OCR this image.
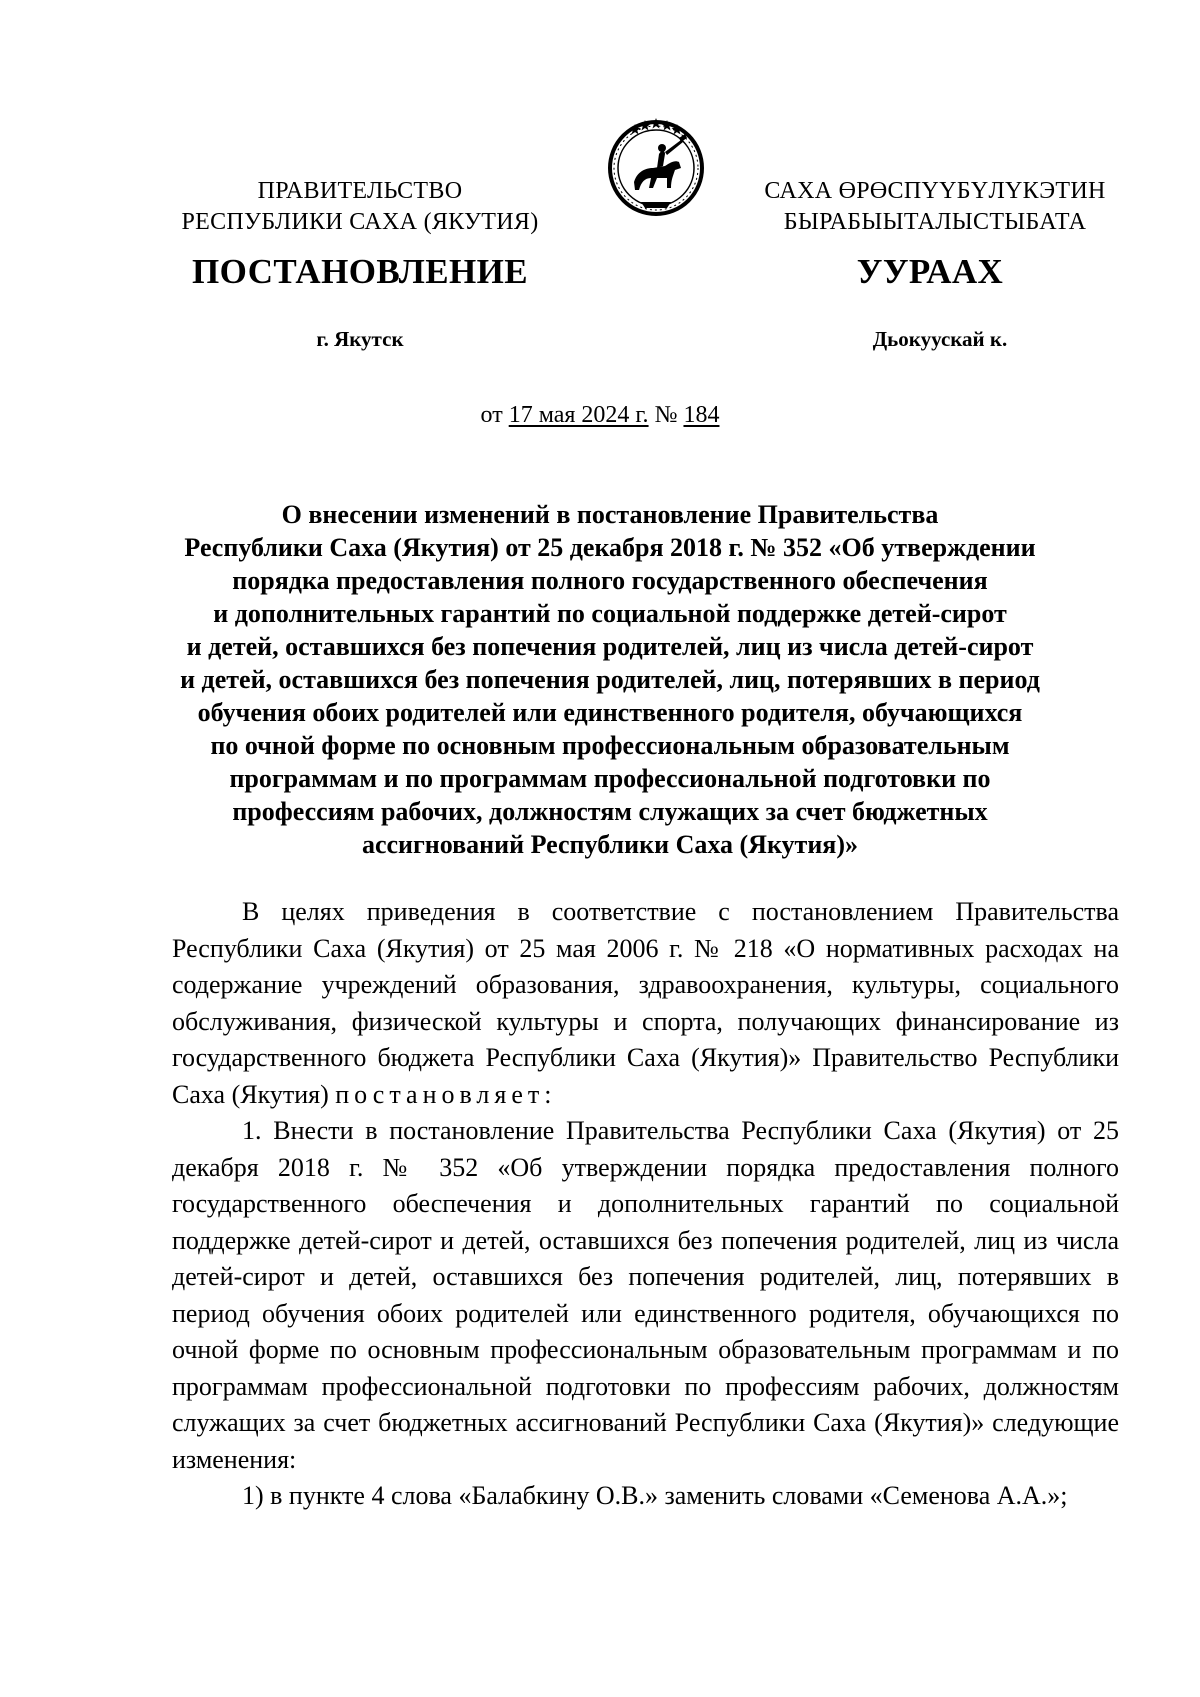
ПРАВИТЕЛЬСТВО
РЕСПУБЛИКИ САХА (ЯКУТИЯ)
САХА ӨРӨСПҮҮБҮЛҮКЭТИН
БЫРАБЫЫТАЛЫСТЫБАТА
ПОСТАНОВЛЕНИЕ	УУРААХ
г. Якутск	Дьокуускай к.
от 17 мая 2024 г. № 184
О внесении изменений в постановление Правительства
Республики Саха (Якутия) от 25 декабря 2018 г. № 352 «Об утверждении
порядка предоставления полного государственного обеспечения
и дополнительных гарантий по социальной поддержке детей-сирот
и детей, оставшихся без попечения родителей, лиц из числа детей-сирот
и детей, оставшихся без попечения родителей, лиц, потерявших в период
обучения обоих родителей или единственного родителя, обучающихся
по очной форме по основным профессиональным образовательным
программам и по программам профессиональной подготовки по
профессиям рабочих, должностям служащих за счет бюджетных
ассигнований Республики Саха (Якутия)»

В целях приведения в соответствие с постановлением Правительства Республики Саха (Якутия) от 25 мая 2006 г. № 218 «О нормативных расходах на содержание учреждений образования, здравоохранения, культуры, социального обслуживания, физической культуры и спорта, получающих финансирование из государственного бюджета Республики Саха (Якутия)» Правительство Республики Саха (Якутия) постановляет:

1. Внести в постановление Правительства Республики Саха (Якутия) от 25 декабря 2018 г. № 352 «Об утверждении порядка предоставления полного государственного обеспечения и дополнительных гарантий по социальной поддержке детей-сирот и детей, оставшихся без попечения родителей, лиц из числа детей-сирот и детей, оставшихся без попечения родителей, лиц, потерявших в период обучения обоих родителей или единственного родителя, обучающихся по очной форме по основным профессиональным образовательным программам и по программам профессиональной подготовки по профессиям рабочих, должностям служащих за счет бюджетных ассигнований Республики Саха (Якутия)» следующие изменения:

1) в пункте 4 слова «Балабкину О.В.» заменить словами «Семенова А.А.»;
